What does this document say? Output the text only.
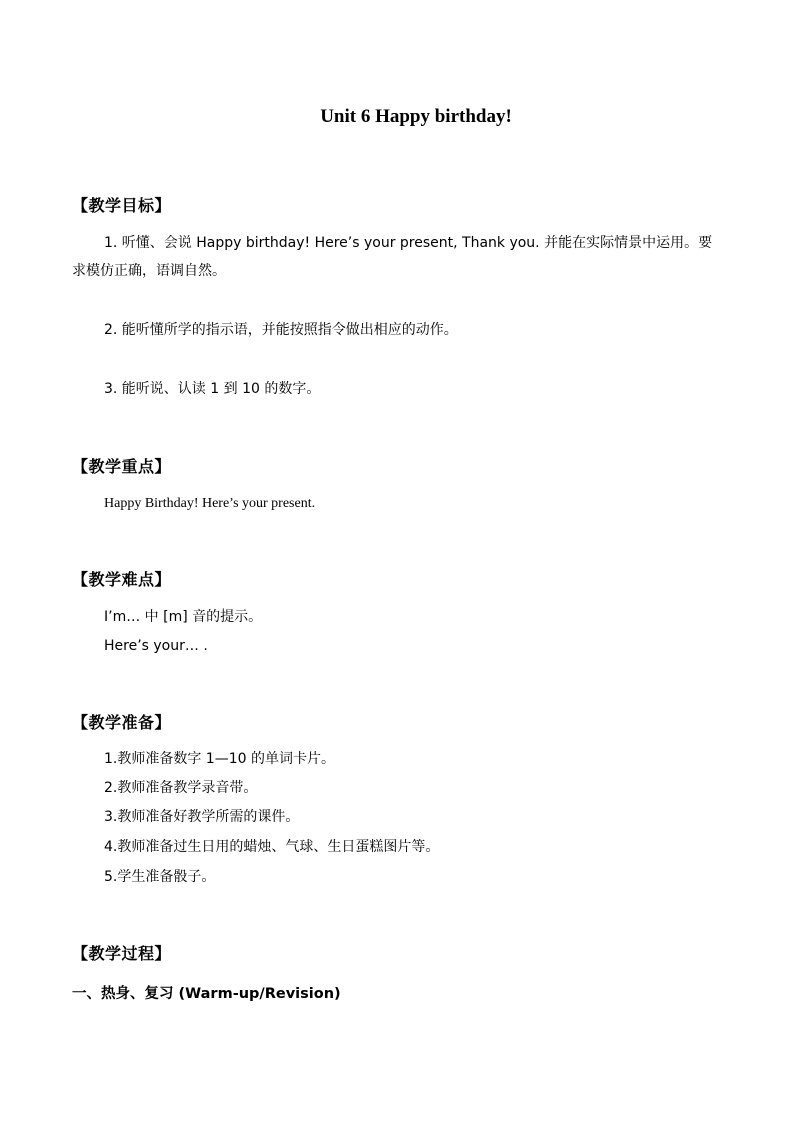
Unit 6 Happy birthday!
【教学目标】
1. 听懂、会说 Happy birthday! Here’s your present, Thank you. 并能在实际情景中运用。要
求模仿正确，语调自然。
2. 能听懂所学的指示语，并能按照指令做出相应的动作。
3. 能听说、认读 1 到 10 的数字。
【教学重点】
Happy Birthday! Here’s your present.
【教学难点】
I’m… 中 [m] 音的提示。
Here’s your… .
【教学准备】
1.教师准备数字 1—10 的单词卡片。
2.教师准备教学录音带。
3.教师准备好教学所需的课件。
4.教师准备过生日用的蜡烛、气球、生日蛋糕图片等。
5.学生准备骰子。
【教学过程】
一、热身、复习 (Warm-up/Revision)
